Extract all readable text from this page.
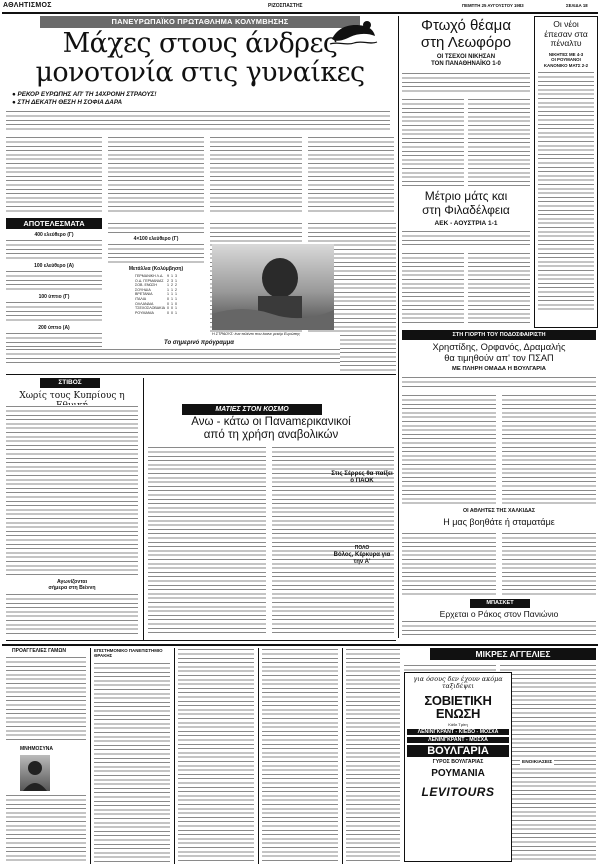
ΑΘΛΗΤΙΣΜΟΣ	ΡΙΖΟΣΠΑΣΤΗΣ	ΠΕΜΠΤΗ 25 ΑΥΓΟΥΣΤΟΥ 1983	ΣΕΛΙΔΑ 18
ΠΑΝΕΥΡΩΠΑΪΚΟ ΠΡΩΤΑΘΛΗΜΑ ΚΟΛΥΜΒΗΣΗΣ
Μάχες στους άνδρες
μονοτονία στις γυναίκες
● ΡΕΚΟΡ ΕΥΡΩΠΗΣ ΑΠ' ΤΗ 14ΧΡΟΝΗ ΣΤΡΑΟΥΣ!
● ΣΤΗ ΔΕΚΑΤΗ ΘΕΣΗ Η ΣΟΦΙΑ ΔΑΡΑ
ΑΠΟΤΕΛΕΣΜΑΤΑ
400 ελεύθερο (Γ)
100 ελεύθερο (Α)
100 ύπτιο (Γ)
200 ύπτιο (Α)
4×100 ελεύθερο (Γ)
Μετάλλια (Κολύμβηση)
ΓΕΡΜΑΝΙΚΗ Λ.Δ.	9	1	3
Ο.Δ. ΓΕΡΜΑΝΙΑΣ	2	3	1
ΣΟΒ. ΕΝΩΣΗ	1	2	2
ΣΟΥΗΔΙΑ	1	1	2
ΒΡΕΤΑΝΙΑ	1	1	1
ΙΤΑΛΙΑ	0	1	1
ΟΛΛΑΝΔΙΑ	0	1	0
ΤΣΕΧΟΣΛΟΒΑΚΙΑ	0	0	1
ΡΟΥΜΑΝΙΑ	0	0	1
Το σημερινό πρόγραμμα
ΣΤΙΒΟΣ
Χωρίς τους Κυπρίους η
Αγωνίζονται
σήμερα στη Βιέννη
Η ΣΤΡΑΟΥΣ: ένα ταλέντο που έκανε ρεκόρ Ευρώπης
ΜΑΤΙΕΣ ΣΤΟΝ ΚΟΣΜΟ
Ανω - κάτω οι Πανamερικανικοί
από τη χρήση αναβολικών
Φτωχό θέαμα
στη Λεωφόρο
ΟΙ ΤΣΕΧΟΙ ΝΙΚΗΣΑΝ
ΤΟΝ ΠΑΝΑΘΗΝΑΪΚΟ 1-0
Μέτριο μάτς και
στη Φιλαδέλφεια
ΑΕΚ - ΑΟΥΣΤΡΙΑ 1-1
Οι νέοι
έπεσαν στα
πέναλτυ
ΝΙΚΗΤΕΣ ΜΕ 4-3
ΟΙ ΡΟΥΜΑΝΟΙ
ΚΑΝΟΝΙΚΟ ΜΑΤΣ 2-2
ΣΤΗ ΓΙΟΡΤΗ ΤΟΥ ΠΟΔΟΣΦΑΙΡΙΣΤΗ
Χρηστίδης, Ορφανός, Δραμαλής
θα τιμηθούν απ' τον ΠΣΑΠ
ΜΕ ΠΛΗΡΗ ΟΜΑΔΑ Η ΒΟΥΛΓΑΡΙΑ
ΟΙ ΑΘΛΗΤΕΣ ΤΗΣ ΧΑΛΚΙΔΑΣ
Η μας βοηθάτε ή σταματάμε
ΜΠΑΣΚΕΤ
Ερχεται ο Ράκος στον Πανιώνιο
Στις Σέρρες θα παίξει ο ΠΑΟΚ
ΠΟΛΟ
Βόλος, Κέρκυρα για την Α'
ΠΡΟΑΓΓΕΛΙΕΣ ΓΑΜΩΝ
ΜΝΗΜΟΣΥΝΑ
ΕΠΙΣΤΗΜΟΝΙΚΟ ΠΑΝΕΠΙΣΤΗΜΙΟ ΘΡΑΚΗΣ	ΜΙΚΡΕΣ ΑΓΓΕΛΙΕΣ
ΕΝΟΙΚΙΑΣΕΙΣ
για όσους δεν έχουν ακόμα
ταξιδέψει
ΣΟΒΙΕΤΙΚΗ
ΕΝΩΣΗ
Κάθε Τρίτη
ΛΕΝΙΝΓΚΡΑΝΤ - ΚΙΕΒΟ - ΜΟΣΧΑ
ΛΕΝΙΝΓΚΡΑΝΤ - ΜΟΣΧΑ
ΒΟΥΛΓΑΡΙΑ
ΓΥΡΟΣ ΒΟΥΛΓΑΡΙΑΣ
ΡΟΥΜΑΝΙΑ
LEVITOURS
